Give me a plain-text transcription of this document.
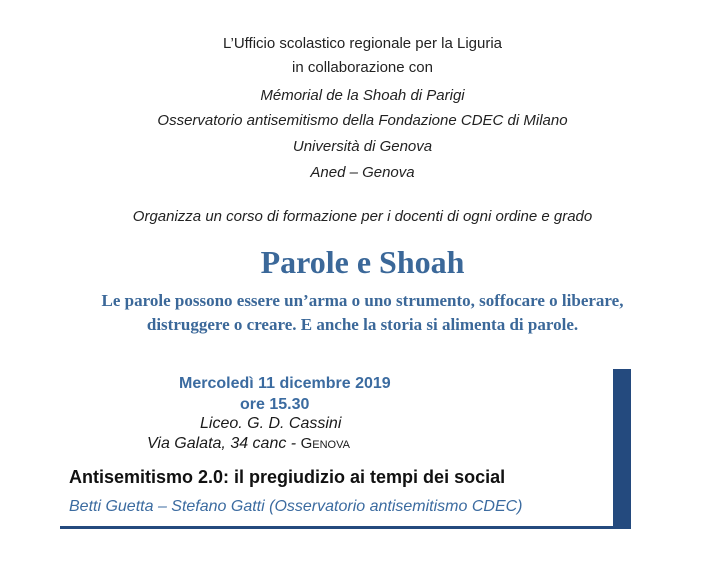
L’Ufficio scolastico regionale per la Liguria
in collaborazione con
Mémorial de la Shoah di Parigi
Osservatorio antisemitismo della Fondazione CDEC di Milano
Università di Genova
Aned – Genova
Organizza un corso di formazione per i docenti di ogni ordine e grado
Parole e Shoah
Le parole possono essere un’arma o uno strumento, soffocare o liberare,
distruggere o creare. E anche la storia si alimenta di parole.
Mercoledì 11 dicembre 2019
ore 15.30
Liceo. G. D. Cassini
Via Galata, 34 canc - Genova
Antisemitismo 2.0: il pregiudizio ai tempi dei social
Betti Guetta – Stefano Gatti (Osservatorio antisemitismo CDEC)
